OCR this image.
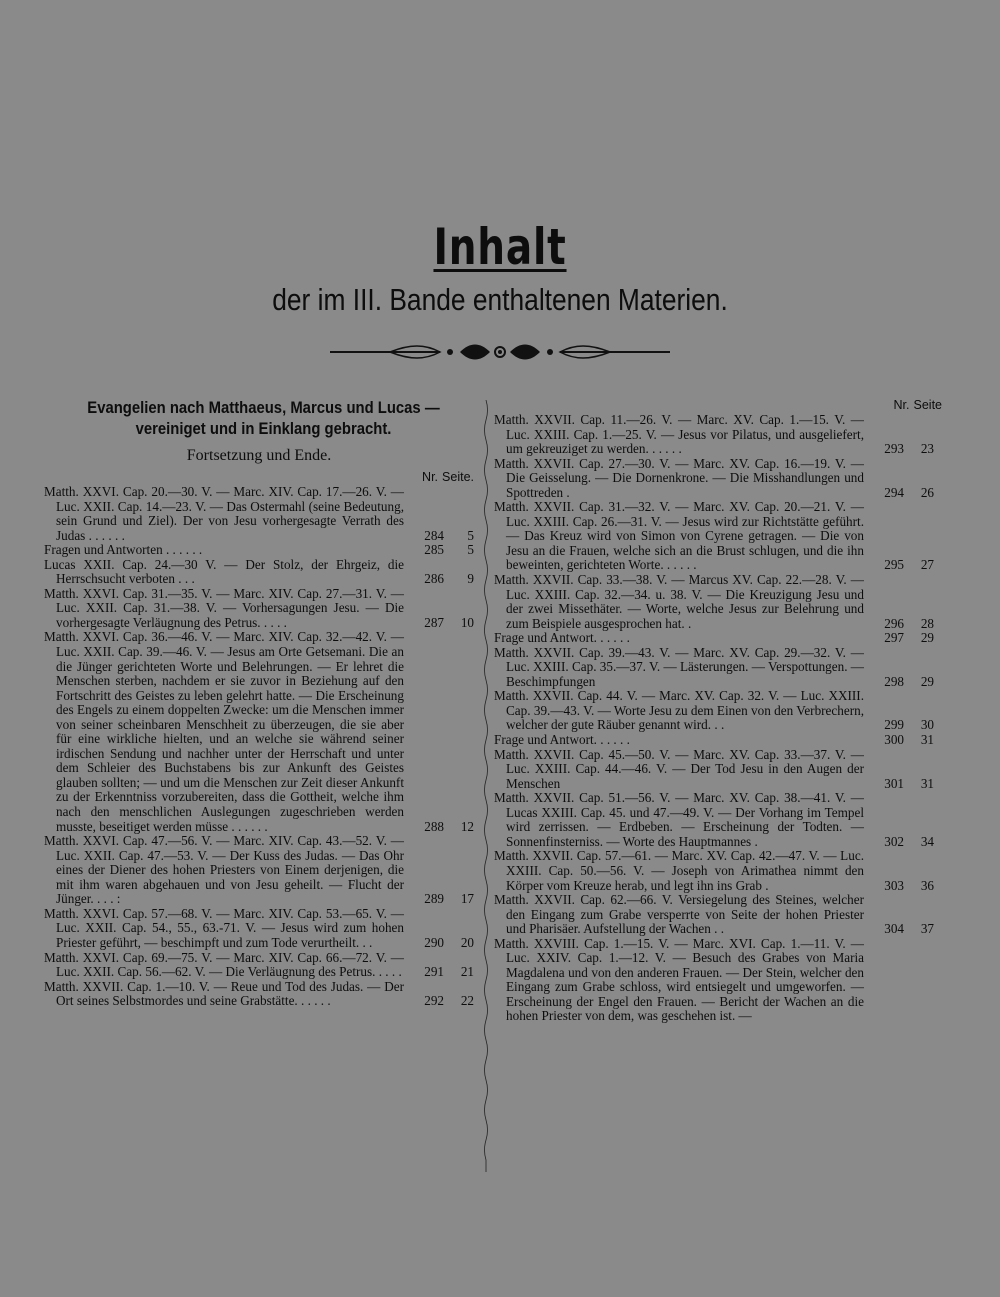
Inhalt
der im III. Bande enthaltenen Materien.
Evangelien nach Matthaeus, Marcus und Lucas —
vereiniget und in Einklang gebracht.
Fortsetzung und Ende.
Nr. Seite.
Matth. XXVI. Cap. 20.—30. V. — Marc. XIV. Cap. 17.—26. V. — Luc. XXII. Cap. 14.—23. V. — Das Ostermahl (seine Bedeutung, sein Grund und Ziel). Der von Jesu vorhergesagte Verrath des Judas . . . . . .	284	5
Fragen und Antworten . . . . . .	285	5
Lucas XXII. Cap. 24.—30 V. — Der Stolz, der Ehrgeiz, die Herrschsucht verboten . . .	286	9
Matth. XXVI. Cap. 31.—35. V. — Marc. XIV. Cap. 27.—31. V. — Luc. XXII. Cap. 31.—38. V. — Vorhersagungen Jesu. — Die vorhergesagte Verläugnung des Petrus. . . . .	287	10
Matth. XXVI. Cap. 36.—46. V. — Marc. XIV. Cap. 32.—42. V. — Luc. XXII. Cap. 39.—46. V. — Jesus am Orte Getsemani. Die an die Jünger gerichteten Worte und Belehrungen. — Er lehret die Menschen sterben, nachdem er sie zuvor in Beziehung auf den Fortschritt des Geistes zu leben gelehrt hatte. — Die Erscheinung des Engels zu einem doppelten Zwecke: um die Menschen immer von seiner scheinbaren Menschheit zu überzeugen, die sie aber für eine wirkliche hielten, und an welche sie während seiner irdischen Sendung und nachher unter der Herrschaft und unter dem Schleier des Buchstabens bis zur Ankunft des Geistes glauben sollten; — und um die Menschen zur Zeit dieser Ankunft zu der Erkenntniss vorzubereiten, dass die Gottheit, welche ihm nach den menschlichen Auslegungen zugeschrieben werden musste, beseitiget werden müsse . . . . . .	288	12
Matth. XXVI. Cap. 47.—56. V. — Marc. XIV. Cap. 43.—52. V. — Luc. XXII. Cap. 47.—53. V. — Der Kuss des Judas. — Das Ohr eines der Diener des hohen Priesters von Einem derjenigen, die mit ihm waren abgehauen und von Jesu geheilt. — Flucht der Jünger. . . . :	289	17
Matth. XXVI. Cap. 57.—68. V. — Marc. XIV. Cap. 53.—65. V. — Luc. XXII. Cap. 54., 55., 63.-71. V. — Jesus wird zum hohen Priester geführt, — beschimpft und zum Tode verurtheilt. . .	290	20
Matth. XXVI. Cap. 69.—75. V. — Marc. XIV. Cap. 66.—72. V. — Luc. XXII. Cap. 56.—62. V. — Die Verläugnung des Petrus. . . . .	291	21
Matth. XXVII. Cap. 1.—10. V. — Reue und Tod des Judas. — Der Ort seines Selbstmordes und seine Grabstätte. . . . . .	292	22
Nr. Seite
Matth. XXVII. Cap. 11.—26. V. — Marc. XV. Cap. 1.—15. V. — Luc. XXIII. Cap. 1.—25. V. — Jesus vor Pilatus, und ausgeliefert, um gekreuziget zu werden. . . . . .	293	23
Matth. XXVII. Cap. 27.—30. V. — Marc. XV. Cap. 16.—19. V. — Die Geisselung. — Die Dornenkrone. — Die Misshandlungen und Spottreden .	294	26
Matth. XXVII. Cap. 31.—32. V. — Marc. XV. Cap. 20.—21. V. — Luc. XXIII. Cap. 26.—31. V. — Jesus wird zur Richtstätte geführt. — Das Kreuz wird von Simon von Cyrene getragen. — Die von Jesu an die Frauen, welche sich an die Brust schlugen, und die ihn beweinten, gerichteten Worte. . . . . .	295	27
Matth. XXVII. Cap. 33.—38. V. — Marcus XV. Cap. 22.—28. V. — Luc. XXIII. Cap. 32.—34. u. 38. V. — Die Kreuzigung Jesu und der zwei Missethäter. — Worte, welche Jesus zur Belehrung und zum Beispiele ausgesprochen hat. .	296	28
Frage und Antwort. . . . . .	297	29
Matth. XXVII. Cap. 39.—43. V. — Marc. XV. Cap. 29.—32. V. — Luc. XXIII. Cap. 35.—37. V. — Lästerungen. — Verspottungen. — Beschimpfungen	298	29
Matth. XXVII. Cap. 44. V. — Marc. XV. Cap. 32. V. — Luc. XXIII. Cap. 39.—43. V. — Worte Jesu zu dem Einen von den Verbrechern, welcher der gute Räuber genannt wird. . .	299	30
Frage und Antwort. . . . . .	300	31
Matth. XXVII. Cap. 45.—50. V. — Marc. XV. Cap. 33.—37. V. — Luc. XXIII. Cap. 44.—46. V. — Der Tod Jesu in den Augen der Menschen	301	31
Matth. XXVII. Cap. 51.—56. V. — Marc. XV. Cap. 38.—41. V. — Lucas XXIII. Cap. 45. und 47.—49. V. — Der Vorhang im Tempel wird zerrissen. — Erdbeben. — Erscheinung der Todten. — Sonnenfinsterniss. — Worte des Hauptmannes .	302	34
Matth. XXVII. Cap. 57.—61. — Marc. XV. Cap. 42.—47. V. — Luc. XXIII. Cap. 50.—56. V. — Joseph von Arimathea nimmt den Körper vom Kreuze herab, und legt ihn ins Grab .	303	36
Matth. XXVII. Cap. 62.—66. V. Versiegelung des Steines, welcher den Eingang zum Grabe versperrte von Seite der hohen Priester und Pharisäer. Aufstellung der Wachen . .	304	37
Matth. XXVIII. Cap. 1.—15. V. — Marc. XVI. Cap. 1.—11. V. — Luc. XXIV. Cap. 1.—12. V. — Besuch des Grabes von Maria Magdalena und von den anderen Frauen. — Der Stein, welcher den Eingang zum Grabe schloss, wird entsiegelt und umgeworfen. — Erscheinung der Engel den Frauen. — Bericht der Wachen an die hohen Priester von dem, was geschehen ist. —
